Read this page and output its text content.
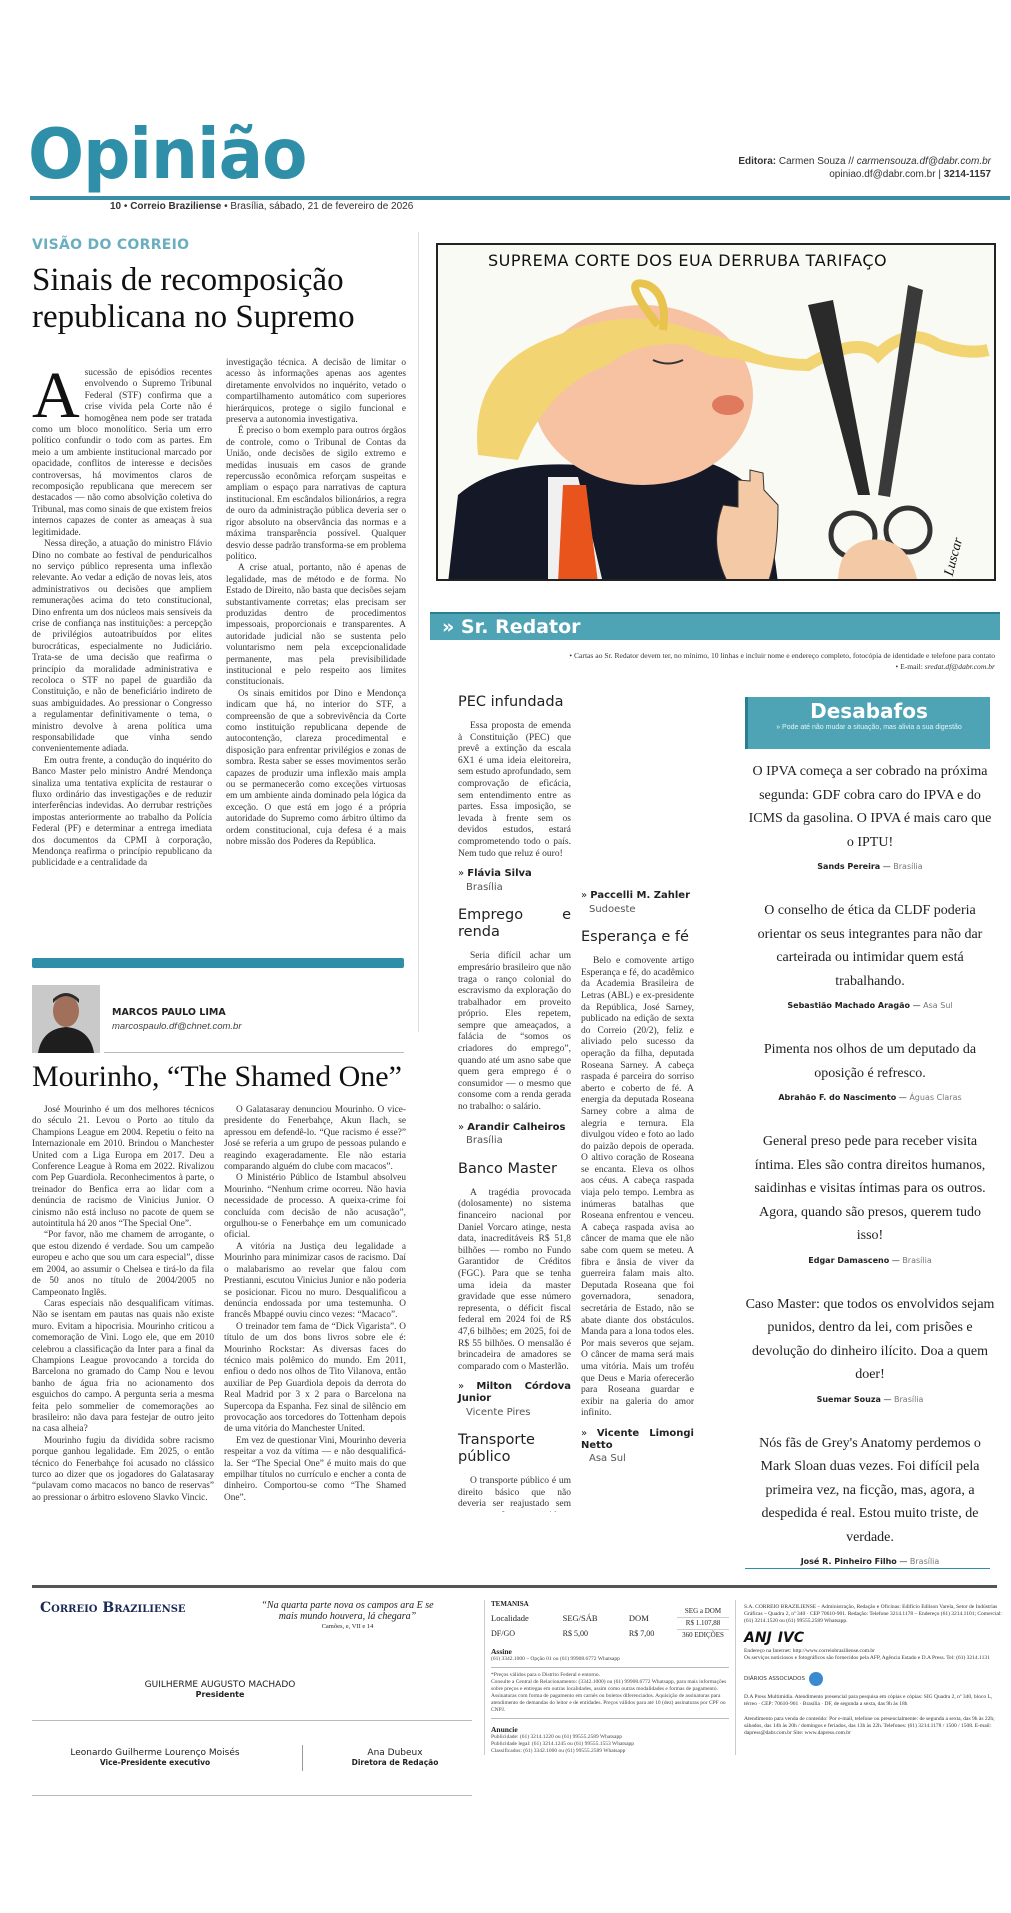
Opinião
10 • Correio Braziliense • Brasília, sábado, 21 de fevereiro de 2026
Editora: Carmen Souza // carmensouza.df@dabr.com.br
opiniao.df@dabr.com.br | 3214-1157
VISÃO DO CORREIO
Sinais de recomposição republicana no Supremo
A sucessão de episódios recentes envolvendo o Supremo Tribunal Federal (STF) confirma que a crise vivida pela Corte não é homogênea nem pode ser tratada como um bloco monolítico. Seria um erro político confundir o todo com as partes. Em meio a um ambiente institucional marcado por opacidade, conflitos de interesse e decisões controversas, há movimentos claros de recomposição republicana que merecem ser destacados — não como absolvição coletiva do Tribunal, mas como sinais de que existem freios internos capazes de conter as ameaças à sua legitimidade.

Nessa direção, a atuação do ministro Flávio Dino no combate ao festival de penduricalhos no serviço público representa uma inflexão relevante. Ao vedar a edição de novas leis, atos administrativos ou decisões que ampliem remunerações acima do teto constitucional, Dino enfrenta um dos núcleos mais sensíveis da crise de confiança nas instituições: a percepção de privilégios autoatribuídos por elites burocráticas, especialmente no Judiciário. Trata-se de uma decisão que reafirma o princípio da moralidade administrativa e recoloca o STF no papel de guardião da Constituição, e não de beneficiário indireto de suas ambiguidades. Ao pressionar o Congresso a regulamentar definitivamente o tema, o ministro devolve à arena política uma responsabilidade que vinha sendo convenientemente adiada.

Em outra frente, a condução do inquérito do Banco Master pelo ministro André Mendonça sinaliza uma tentativa explícita de restaurar o fluxo ordinário das investigações e de reduzir interferências indevidas. Ao derrubar restrições impostas anteriormente ao trabalho da Polícia Federal (PF) e determinar a entrega imediata dos documentos da CPMI à corporação, Mendonça reafirma o princípio republicano da publicidade e a centralidade da

investigação técnica. A decisão de limitar o acesso às informações apenas aos agentes diretamente envolvidos no inquérito, vetado o compartilhamento automático com superiores hierárquicos, protege o sigilo funcional e preserva a autonomia investigativa.

É preciso o bom exemplo para outros órgãos de controle, como o Tribunal de Contas da União, onde decisões de sigilo extremo e medidas inusuais em casos de grande repercussão econômica reforçam suspeitas e ampliam o espaço para narrativas de captura institucional. Em escândalos bilionários, a regra de ouro da administração pública deveria ser o rigor absoluto na observância das normas e a máxima transparência possível. Qualquer desvio desse padrão transforma-se em problema político.

A crise atual, portanto, não é apenas de legalidade, mas de método e de forma. No Estado de Direito, não basta que decisões sejam substantivamente corretas; elas precisam ser produzidas dentro de procedimentos impessoais, proporcionais e transparentes. A autoridade judicial não se sustenta pelo voluntarismo nem pela excepcionalidade permanente, mas pela previsibilidade institucional e pelo respeito aos limites constitucionais.

Os sinais emitidos por Dino e Mendonça indicam que há, no interior do STF, a compreensão de que a sobrevivência da Corte como instituição republicana depende de autocontenção, clareza procedimental e disposição para enfrentar privilégios e zonas de sombra. Resta saber se esses movimentos serão capazes de produzir uma inflexão mais ampla ou se permanecerão como exceções virtuosas em um ambiente ainda dominado pela lógica da exceção. O que está em jogo é a própria autoridade do Supremo como árbitro último da ordem constitucional, cuja defesa é a mais nobre missão dos Poderes da República.

MARCOS PAULO LIMA
marcospaulo.df@chnet.com.br
Mourinho, “The Shamed One”

José Mourinho é um dos melhores técnicos do século 21. Levou o Porto ao título da Champions League em 2004. Repetiu o feito na Internazionale em 2010. Brindou o Manchester United com a Liga Europa em 2017. Deu a Conference League à Roma em 2022. Rivalizou com Pep Guardiola. Reconhecimentos à parte, o treinador do Benfica erra ao lidar com a denúncia de racismo de Vinicius Junior. O cinismo não está incluso no pacote de quem se autointitula há 20 anos “The Special One”.

“Por favor, não me chamem de arrogante, o que estou dizendo é verdade. Sou um campeão europeu e acho que sou um cara especial”, disse em 2004, ao assumir o Chelsea e tirá-lo da fila de 50 anos no título de 2004/2005 no Campeonato Inglês.

Caras especiais não desqualificam vítimas. Não se isentam em pautas nas quais não existe muro. Evitam a hipocrisia. Mourinho criticou a comemoração de Vini. Logo ele, que em 2010 celebrou a classificação da Inter para a final da Champions League provocando a torcida do Barcelona no gramado do Camp Nou e levou banho de água fria no acionamento dos esguichos do campo. A pergunta seria a mesma feita pelo sommelier de comemorações ao brasileiro: não dava para festejar de outro jeito na casa alheia?

Mourinho fugiu da dividida sobre racismo porque ganhou legalidade. Em 2025, o então técnico do Fenerbahçe foi acusado no clássico turco ao dizer que os jogadores do Galatasaray “pulavam como macacos no banco de reservas” ao pressionar o árbitro esloveno Slavko Vincic.

O Galatasaray denunciou Mourinho. O vice-presidente do Fenerbahçe, Akun Ilach, se apressou em defendê-lo. “Que racismo é esse?” José se referia a um grupo de pessoas pulando e reagindo exageradamente. Ele não estaria comparando alguém do clube com macacos”.

O Ministério Público de Istambul absolveu Mourinho. “Nenhum crime ocorreu. Não havia necessidade de processo. A queixa-crime foi concluída com decisão de não acusação”, orgulhou-se o Fenerbahçe em um comunicado oficial.

A vitória na Justiça deu legalidade a Mourinho para minimizar casos de racismo. Daí o malabarismo ao revelar que falou com Prestianni, escutou Vinicius Junior e não poderia se posicionar. Ficou no muro. Desqualificou a denúncia endossada por uma testemunha. O francês Mbappé ouviu cinco vezes: “Macaco”.

O treinador tem fama de “Dick Vigarista”. O título de um dos bons livros sobre ele é: Mourinho Rockstar: As diversas faces do técnico mais polêmico do mundo. Em 2011, enfiou o dedo nos olhos de Tito Vilanova, então auxiliar de Pep Guardiola depois da derrota do Real Madrid por 3 x 2 para o Barcelona na Supercopa da Espanha. Fez sinal de silêncio em provocação aos torcedores do Tottenham depois de uma vitória do Manchester United.

Em vez de questionar Vini, Mourinho deveria respeitar a voz da vítima — e não desqualificá-la. Ser “The Special One” é muito mais do que empilhar títulos no currículo e encher a conta de dinheiro. Comportou-se como “The Shamed One”.

SUPREMA CORTE DOS EUA DERRUBA TARIFAÇO
Luscar
» Sr. Redator
• Cartas ao Sr. Redator devem ter, no mínimo, 10 linhas e incluir nome e endereço completo, fotocópia de identidade e telefone para contato
• E-mail: sredat.df@dabr.com.br
PEC infundada

Essa proposta de emenda à Constituição (PEC) que prevê a extinção da escala 6X1 é uma ideia eleitoreira, sem estudo aprofundado, sem comprovação de eficácia, sem entendimento entre as partes. Essa imposição, se levada à frente sem os devidos estudos, estará comprometendo todo o país. Nem tudo que reluz é ouro!

» Flávia Silva
Brasília
Emprego e renda

Seria difícil achar um empresário brasileiro que não traga o ranço colonial do escravismo da exploração do trabalhador em proveito próprio. Eles repetem, sempre que ameaçados, a falácia de “somos os criadores do emprego”, quando até um asno sabe que quem gera emprego é o consumidor — o mesmo que consome com a renda gerada no trabalho: o salário.

» Arandir Calheiros
Brasília
Banco Master

A tragédia provocada (dolosamente) no sistema financeiro nacional por Daniel Vorcaro atinge, nesta data, inacreditáveis R$ 51,8 bilhões — rombo no Fundo Garantidor de Créditos (FGC). Para que se tenha uma ideia da master gravidade que esse número representa, o déficit fiscal federal em 2024 foi de R$ 47,6 bilhões; em 2025, foi de R$ 55 bilhões. O mensalão é brincadeira de amadores se comparado com o Masterlão.

» Milton Córdova Junior
Vicente Pires
Transporte público

O transporte público é um direito básico que não deveria ser reajustado sem

» Paccelli M. Zahler
Sudoeste
Esperança e fé

Belo e comovente artigo Esperança e fé, do acadêmico da Academia Brasileira de Letras (ABL) e ex-presidente da República, José Sarney, publicado na edição de sexta do Correio (20/2), feliz e aliviado pelo sucesso da operação da filha, deputada Roseana Sarney. A cabeça raspada é parceira do sorriso aberto e coberto de fé. A energia da deputada Roseana Sarney cobre a alma de alegria e ternura. Ela divulgou vídeo e foto ao lado do paizão depois de operada. O altivo coração de Roseana se encanta. Eleva os olhos aos céus. A cabeça raspada viaja pelo tempo. Lembra as inúmeras batalhas que Roseana enfrentou e venceu. A cabeça raspada avisa ao câncer de mama que ele não sabe com quem se meteu. A fibra e ânsia de viver da guerreira falam mais alto. Deputada Roseana que foi governadora, senadora, secretária de Estado, não se abate diante dos obstáculos. Manda para a lona todos eles. Por mais severos que sejam. O câncer de mama será mais uma vitória. Mais um troféu que Deus e Maria oferecerão para Roseana guardar e exibir na galeria do amor infinito.

» Vicente Limongi Netto
Asa Sul
Desabafos
» Pode até não mudar a situação, mas alivia a sua digestão

O IPVA começa a ser cobrado na próxima segunda: GDF cobra caro do IPVA e do ICMS da gasolina. O IPVA é mais caro que o IPTU!

Sands Pereira — Brasília

O conselho de ética da CLDF poderia orientar os seus integrantes para não dar carteirada ou intimidar quem está trabalhando.

Sebastião Machado Aragão — Asa Sul

Pimenta nos olhos de um deputado da oposição é refresco.

Abrahão F. do Nascimento — Águas Claras

General preso pede para receber visita íntima. Eles são contra direitos humanos, saidinhas e visitas íntimas para os outros. Agora, quando são presos, querem tudo isso!

Edgar Damasceno — Brasília

Caso Master: que todos os envolvidos sejam punidos, dentro da lei, com prisões e devolução do dinheiro ilícito. Doa a quem doer!

Suemar Souza — Brasília

Nós fãs de Grey's Anatomy perdemos o Mark Sloan duas vezes. Foi difícil pela primeira vez, na ficção, mas, agora, a despedida é real. Estou muito triste, de verdade.

José R. Pinheiro Filho — Brasília
Correio Braziliense	“Na quarta parte nova os campos ara E se mais mundo houvera, lá chegara”
Camões, e, VII e 14
GUILHERME AUGUSTO MACHADO
Presidente
Leonardo Guilherme Lourenço Moisés
Vice-Presidente executivo
Ana Dubeux
Diretora de Redação
TEMANISA
Localidade	SEG/SÁB	DOM
DF/GO	R$ 5,00	R$ 7,00
SEG a DOM
R$ 1.107,88
360 EDIÇÕES
Assine
(61) 3342.1000 – Opção 01 ou (61) 99908.6772 Whatsapp
*Preços válidos para o Distrito Federal e entorno.
Consulte a Central de Relacionamento: (3342.1000) ou (61) 99908.6772 Whatsapp, para mais informações sobre preços e entregas em outras localidades, assim como outras modalidades e formas de pagamento. Assinaturas com forma de pagamento em carnês ou boletos diferenciados. Aquisição de assinaturas para atendimento de demandas do leitor e de entidades. Preços válidos para até 10 (dez) assinaturas por CPF ou CNPJ.
Anuncie
Publicidade: (61) 3214.1220 ou (61) 99555.2589 Whatsapp
Publicidade legal: (61) 3214.1245 ou (61) 99555.1553 Whatsapp
Classificados: (61) 3342.1000 ou (61) 99555.2589 Whatsapp

S.A. CORREIO BRAZILIENSE – Administração, Redação e Oficinas: Edifício Edilson Varela, Setor de Indústrias Gráficas – Quadra 2, nº 340 · CEP 70610-901. Redação: Telefone 3214.1178 – Endereço (61) 3214.1101; Comercial: (61) 3214.1520 ou (61) 99555.2589 Whatsapp.

ANJ IVC

Endereço na Internet: http://www.correiobraziliense.com.br
Os serviços noticiosos e fotográficos são fornecidos pela AFP, Agência Estado e D.A Press. Tel: (61) 3214.1131

DIÁRIOS ASSOCIADOS

D.A Press Multimídia. Atendimento presencial para pesquisa em cópias e cópias: SIG Quadra 2, nº 340, bloco L, térreo · CEP: 70610-901 · Brasília · DF, de segunda a sexta, das 9h às 18h

Atendimento para venda de conteúdo: Por e-mail, telefone ou presencialmente: de segunda a sexta, das 9h às 22h; sábados, das 14h às 20h / domingos e feriados, das 13h às 22h. Telefones: (61) 3214.1178 / 1500 / 1508. E-mail: dapress@dabr.com.br Site: www.dapress.com.br
